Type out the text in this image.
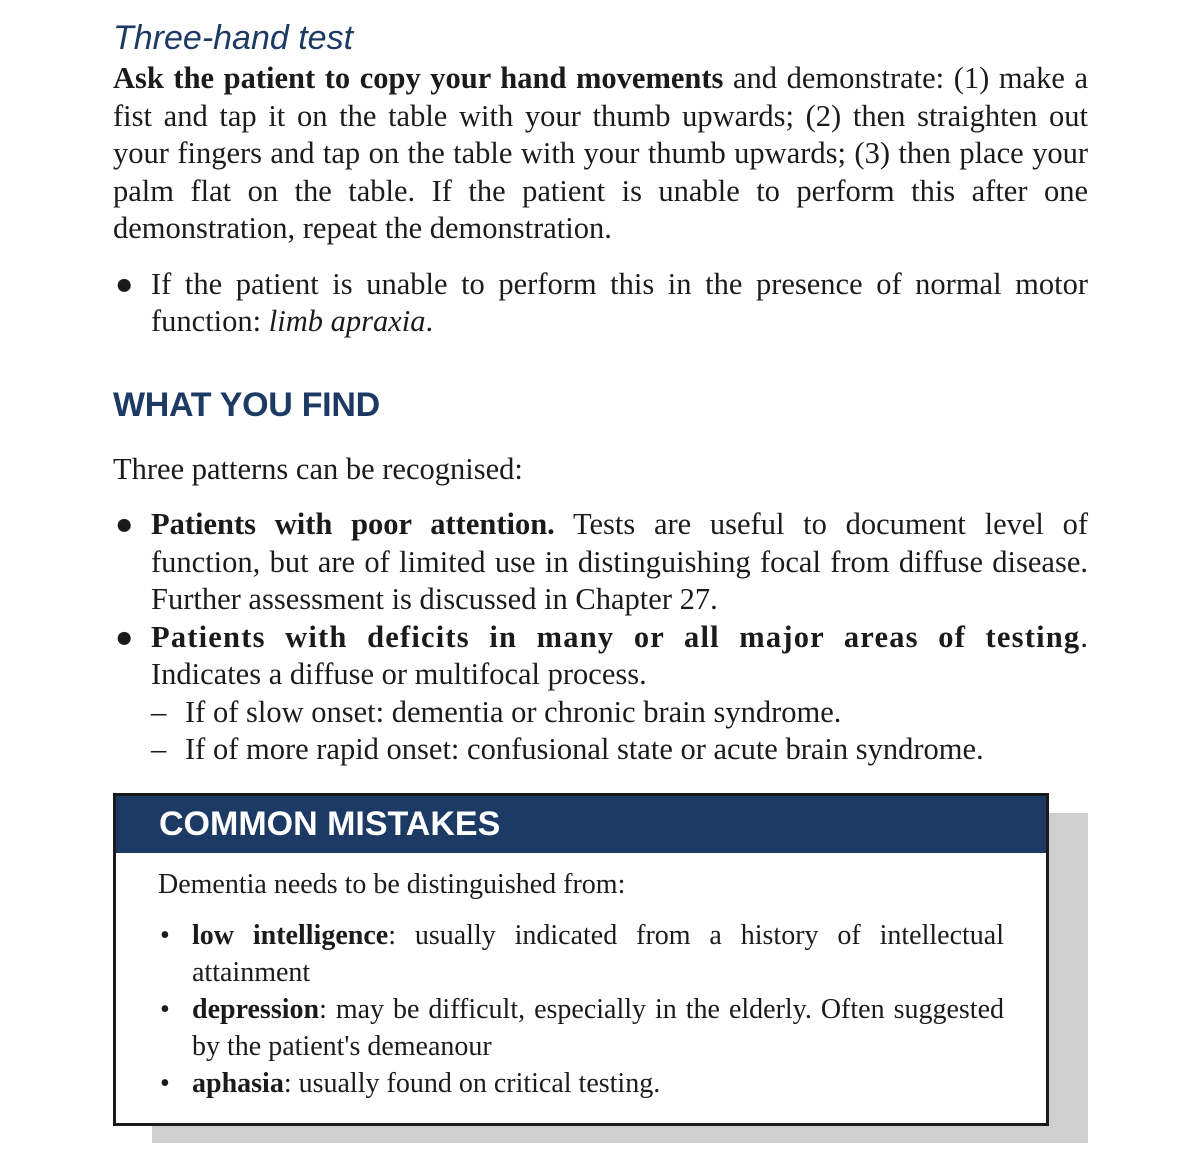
Three-hand test

Ask the patient to copy your hand movements and demonstrate: (1) make a fist and tap it on the table with your thumb upwards; (2) then straighten out your fingers and tap on the table with your thumb upwards; (3) then place your palm flat on the table. If the patient is unable to perform this after one demonstration, repeat the demonstration.

● If the patient is unable to perform this in the presence of normal motor function: limb apraxia.
WHAT YOU FIND

Three patterns can be recognised:

● Patients with poor attention. Tests are useful to document level of function, but are of limited use in distinguishing focal from diffuse disease. Further assessment is discussed in Chapter 27.
● Patients with deficits in many or all major areas of testing. Indicates a diffuse or multifocal process.
– If of slow onset: dementia or chronic brain syndrome.
– If of more rapid onset: confusional state or acute brain syndrome.
COMMON MISTAKES

Dementia needs to be distinguished from:

• low intelligence: usually indicated from a history of intellectual attainment
• depression: may be difficult, especially in the elderly. Often suggested by the patient's demeanour
• aphasia: usually found on critical testing.
